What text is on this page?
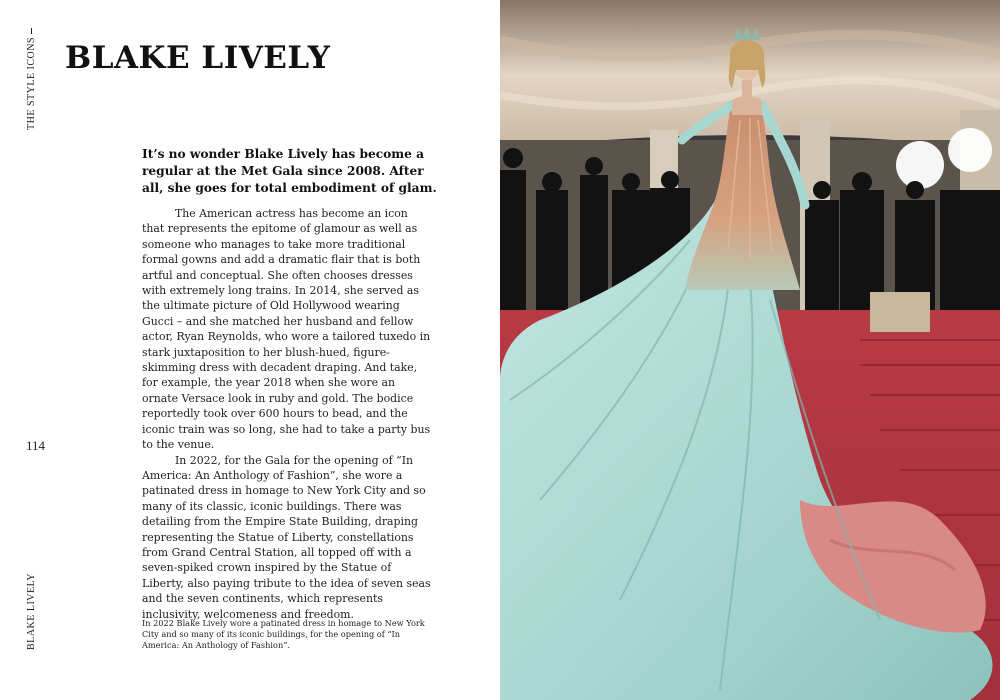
THE STYLE ICONS
114
BLAKE LIVELY
BLAKE LIVELY

It’s no wonder Blake Lively has become a regular at the Met Gala since 2008. After all, she goes for total embodiment of glam.

The American actress has become an icon that represents the epitome of glamour as well as someone who manages to take more traditional formal gowns and add a dramatic flair that is both artful and conceptual. She often chooses dresses with extremely long trains. In 2014, she served as the ultimate picture of Old Hollywood wearing Gucci – and she matched her husband and fellow actor, Ryan Reynolds, who wore a tailored tuxedo in stark juxtaposition to her blush-hued, figure-skimming dress with decadent draping. And take, for example, the year 2018 when she wore an ornate Versace look in ruby and gold. The bodice reportedly took over 600 hours to bead, and the iconic train was so long, she had to take a party bus to the venue.

In 2022, for the Gala for the opening of “In America: An Anthology of Fashion”, she wore a patinated dress in homage to New York City and so many of its classic, iconic buildings. There was detailing from the Empire State Building, draping representing the Statue of Liberty, constellations from Grand Central Station, all topped off with a seven-spiked crown inspired by the Statue of Liberty, also paying tribute to the idea of seven seas and the seven continents, which represents inclusivity, welcomeness and freedom.

In 2022 Blake Lively wore a patinated dress in homage to New York City and so many of its iconic buildings, for the opening of “In America: An Anthology of Fashion”.
